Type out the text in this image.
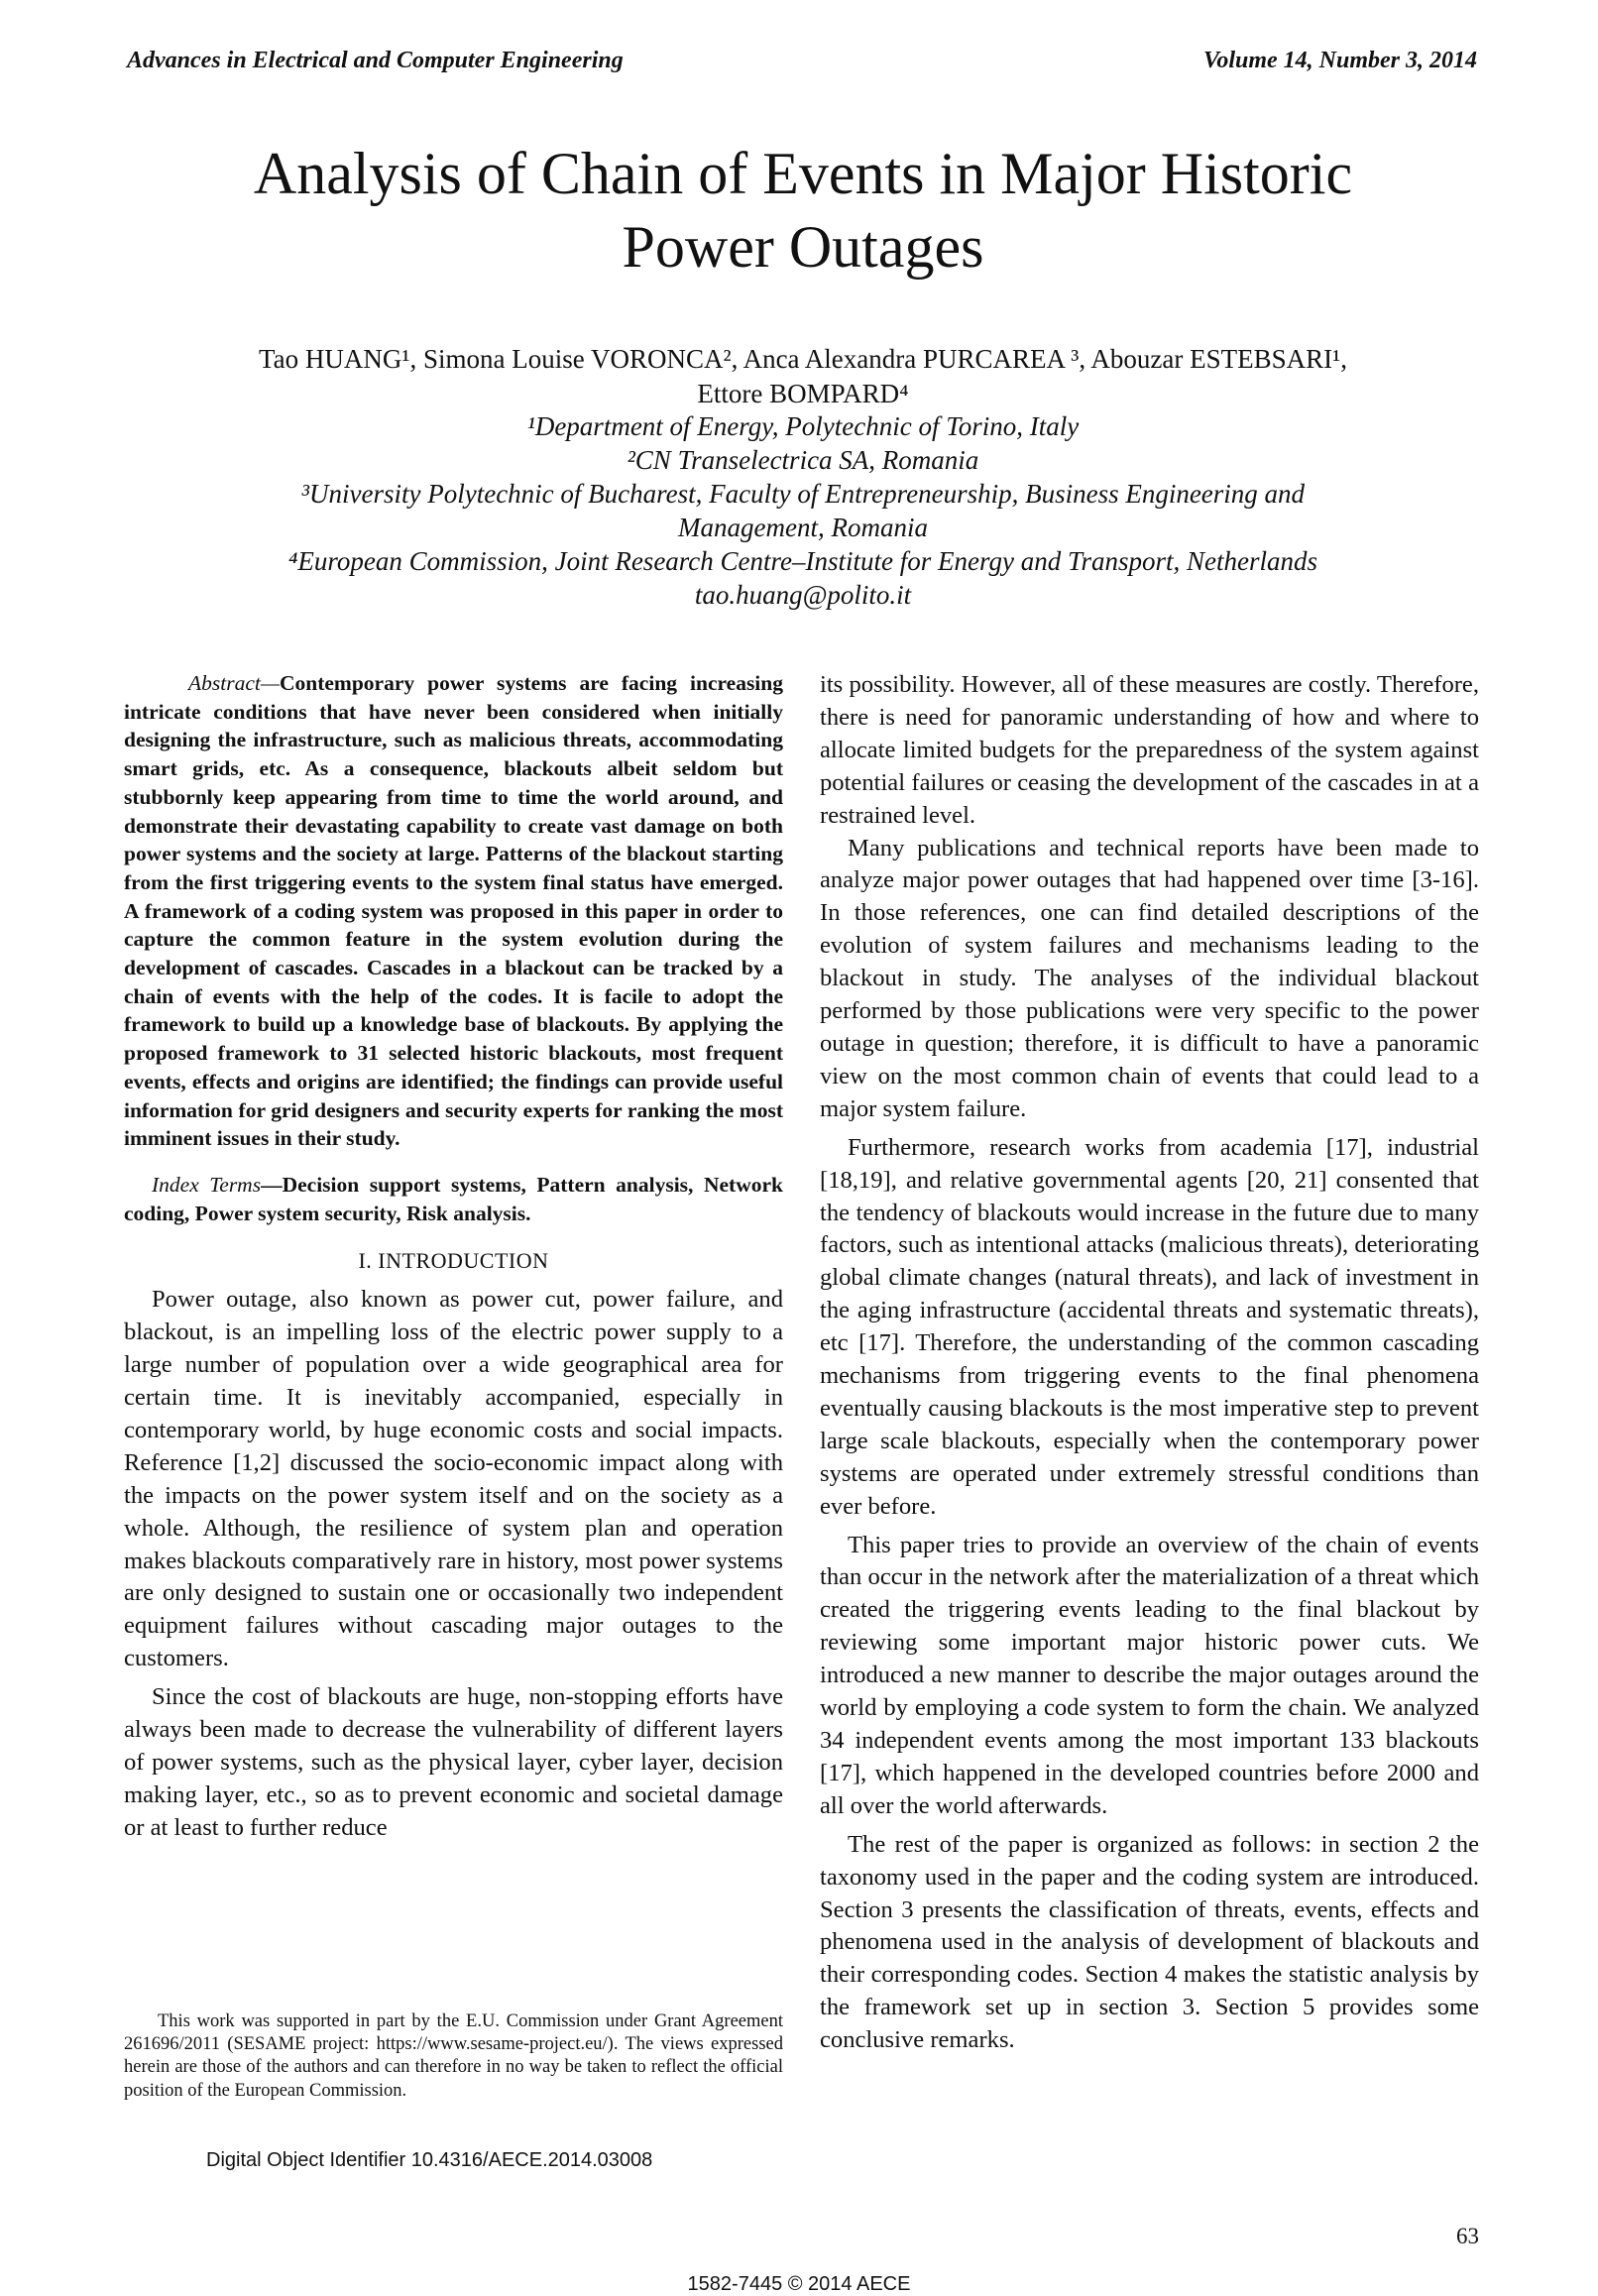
Advances in Electrical and Computer Engineering	Volume 14, Number 3, 2014
Analysis of Chain of Events in Major Historic
Power Outages
Tao HUANG¹, Simona Louise VORONCA², Anca Alexandra PURCAREA ³, Abouzar ESTEBSARI¹,
Ettore BOMPARD⁴
¹Department of Energy, Polytechnic of Torino, Italy
²CN Transelectrica SA, Romania
³University Polytechnic of Bucharest, Faculty of Entrepreneurship, Business Engineering and
Management, Romania
⁴European Commission, Joint Research Centre–Institute for Energy and Transport, Netherlands
tao.huang@polito.it

Abstract—Contemporary power systems are facing increasing intricate conditions that have never been considered when initially designing the infrastructure, such as malicious threats, accommodating smart grids, etc. As a consequence, blackouts albeit seldom but stubbornly keep appearing from time to time the world around, and demonstrate their devastating capability to create vast damage on both power systems and the society at large. Patterns of the blackout starting from the first triggering events to the system final status have emerged. A framework of a coding system was proposed in this paper in order to capture the common feature in the system evolution during the development of cascades. Cascades in a blackout can be tracked by a chain of events with the help of the codes. It is facile to adopt the framework to build up a knowledge base of blackouts. By applying the proposed framework to 31 selected historic blackouts, most frequent events, effects and origins are identified; the findings can provide useful information for grid designers and security experts for ranking the most imminent issues in their study.

Index Terms—Decision support systems, Pattern analysis, Network coding, Power system security, Risk analysis.

I. INTRODUCTION

Power outage, also known as power cut, power failure, and blackout, is an impelling loss of the electric power supply to a large number of population over a wide geographical area for certain time. It is inevitably accompanied, especially in contemporary world, by huge economic costs and social impacts. Reference [1,2] discussed the socio-economic impact along with the impacts on the power system itself and on the society as a whole. Although, the resilience of system plan and operation makes blackouts comparatively rare in history, most power systems are only designed to sustain one or occasionally two independent equipment failures without cascading major outages to the customers.

Since the cost of blackouts are huge, non-stopping efforts have always been made to decrease the vulnerability of different layers of power systems, such as the physical layer, cyber layer, decision making layer, etc., so as to prevent economic and societal damage or at least to further reduce

its possibility. However, all of these measures are costly. Therefore, there is need for panoramic understanding of how and where to allocate limited budgets for the preparedness of the system against potential failures or ceasing the development of the cascades in at a restrained level.

Many publications and technical reports have been made to analyze major power outages that had happened over time [3-16]. In those references, one can find detailed descriptions of the evolution of system failures and mechanisms leading to the blackout in study. The analyses of the individual blackout performed by those publications were very specific to the power outage in question; therefore, it is difficult to have a panoramic view on the most common chain of events that could lead to a major system failure.

Furthermore, research works from academia [17], industrial [18,19], and relative governmental agents [20, 21] consented that the tendency of blackouts would increase in the future due to many factors, such as intentional attacks (malicious threats), deteriorating global climate changes (natural threats), and lack of investment in the aging infrastructure (accidental threats and systematic threats), etc [17]. Therefore, the understanding of the common cascading mechanisms from triggering events to the final phenomena eventually causing blackouts is the most imperative step to prevent large scale blackouts, especially when the contemporary power systems are operated under extremely stressful conditions than ever before.

This paper tries to provide an overview of the chain of events than occur in the network after the materialization of a threat which created the triggering events leading to the final blackout by reviewing some important major historic power cuts. We introduced a new manner to describe the major outages around the world by employing a code system to form the chain. We analyzed 34 independent events among the most important 133 blackouts [17], which happened in the developed countries before 2000 and all over the world afterwards.

The rest of the paper is organized as follows: in section 2 the taxonomy used in the paper and the coding system are introduced. Section 3 presents the classification of threats, events, effects and phenomena used in the analysis of development of blackouts and their corresponding codes. Section 4 makes the statistic analysis by the framework set up in section 3. Section 5 provides some conclusive remarks.

This work was supported in part by the E.U. Commission under Grant Agreement 261696/2011 (SESAME project: https://www.sesame-project.eu/). The views expressed herein are those of the authors and can therefore in no way be taken to reflect the official position of the European Commission.
Digital Object Identifier 10.4316/AECE.2014.03008
63
1582-7445 © 2014 AECE
